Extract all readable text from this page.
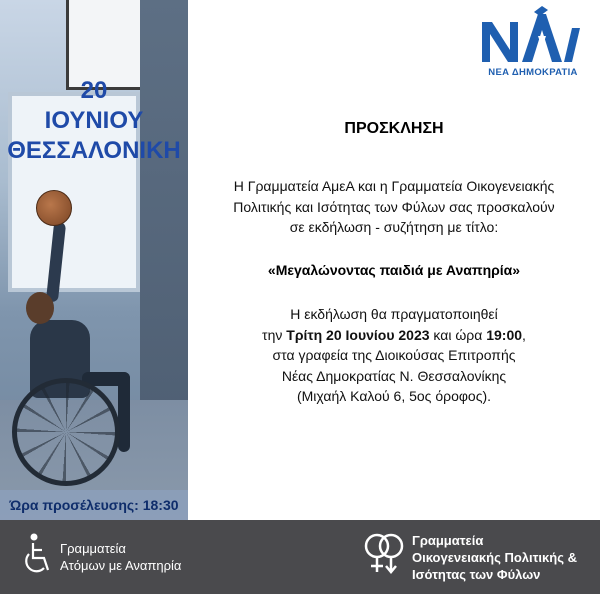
20
ΙΟΥΝΙΟΥ
ΘΕΣΣΑΛΟΝΙΚΗ
Ώρα προσέλευσης: 18:30
ΝΕΑ ΔΗΜΟΚΡΑΤΙΑ
ΠΡΟΣΚΛΗΣΗ
Η Γραμματεία ΑμεΑ και η Γραμματεία Οικογενειακής
Πολιτικής και Ισότητας των Φύλων σας προσκαλούν
σε εκδήλωση - συζήτηση με τίτλο:
«Μεγαλώνοντας παιδιά με Αναπηρία»
Η εκδήλωση θα πραγματοποιηθεί
την Τρίτη 20 Ιουνίου 2023 και ώρα 19:00,
στα γραφεία της Διοικούσας Επιτροπής
Νέας Δημοκρατίας Ν. Θεσσαλονίκης
(Μιχαήλ Καλού 6, 5ος όροφος).
Γραμματεία
Ατόμων με Αναπηρία
Γραμματεία
Οικογενειακής Πολιτικής &
Ισότητας των Φύλων
